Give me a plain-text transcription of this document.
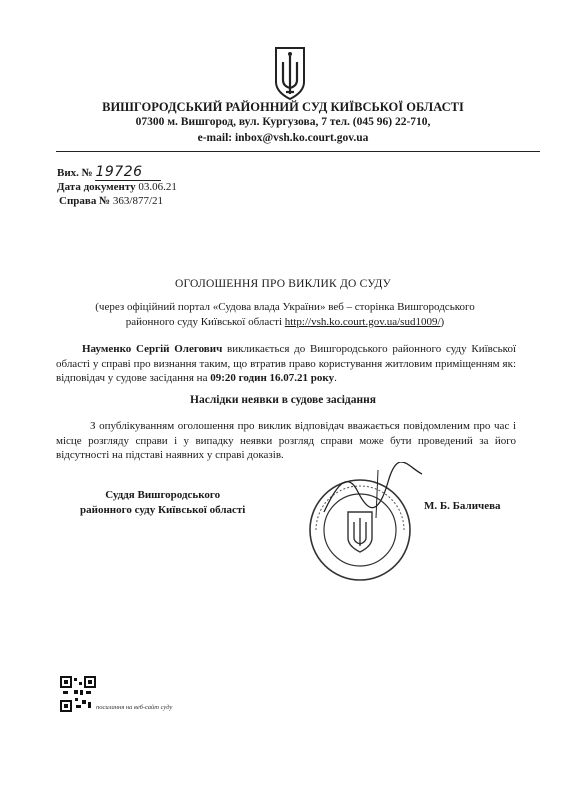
ВИШГОРОДСЬКИЙ РАЙОННИЙ СУД КИЇВСЬКОЇ ОБЛАСТІ
07300 м. Вишгород, вул. Кургузова, 7 тел. (045 96) 22-710,
e-mail: inbox@vsh.ko.court.gov.ua
Вих. № 19726
Дата документу 03.06.21
Справа № 363/877/21
ОГОЛОШЕННЯ ПРО ВИКЛИК ДО СУДУ
(через офіційний портал «Судова влада України» веб – сторінка Вишгородського районного суду Київської області http://vsh.ko.court.gov.ua/sud1009/)
Науменко Сергій Олегович викликається до Вишгородського районного суду Київської області у справі про визнання таким, що втратив право користування житловим приміщенням як: відповідач у судове засідання на 09:20 годин 16.07.21 року.
Наслідки неявки в судове засідання
З опублікуванням оголошення про виклик відповідач вважається повідомленим про час і місце розгляду справи і у випадку неявки розгляд справи може бути проведений за його відсутності на підставі наявних у справі доказів.
Суддя Вишгородського
районного суду Київської області	М. Б. Баличева
посилання на веб-сайт суду
